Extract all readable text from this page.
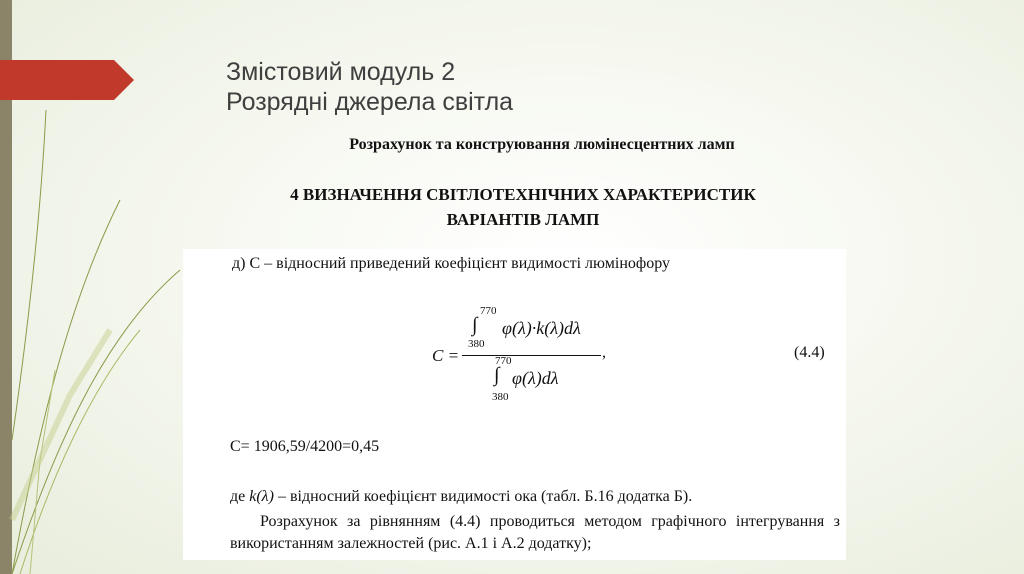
Змістовий модуль 2
Розрядні джерела світла
Розрахунок та конструювання люмінесцентних ламп
4 ВИЗНАЧЕННЯ СВІТЛОТЕХНІЧНИХ ХАРАКТЕРИСТИК
ВАРІАНТІВ ЛАМП
д) С – відносний приведений коефіцієнт видимості люмінофору
770
∫ φ(λ)·k(λ)dλ
380
C =	,
770
∫ φ(λ)dλ
380
(4.4)
С= 1906,59/4200=0,45
де k(λ) – відносний коефіцієнт видимості ока (табл. Б.16 додатка Б).
Розрахунок за рівнянням (4.4) проводиться методом графічного інтегрування з використанням залежностей (рис. А.1 і А.2 додатку);
